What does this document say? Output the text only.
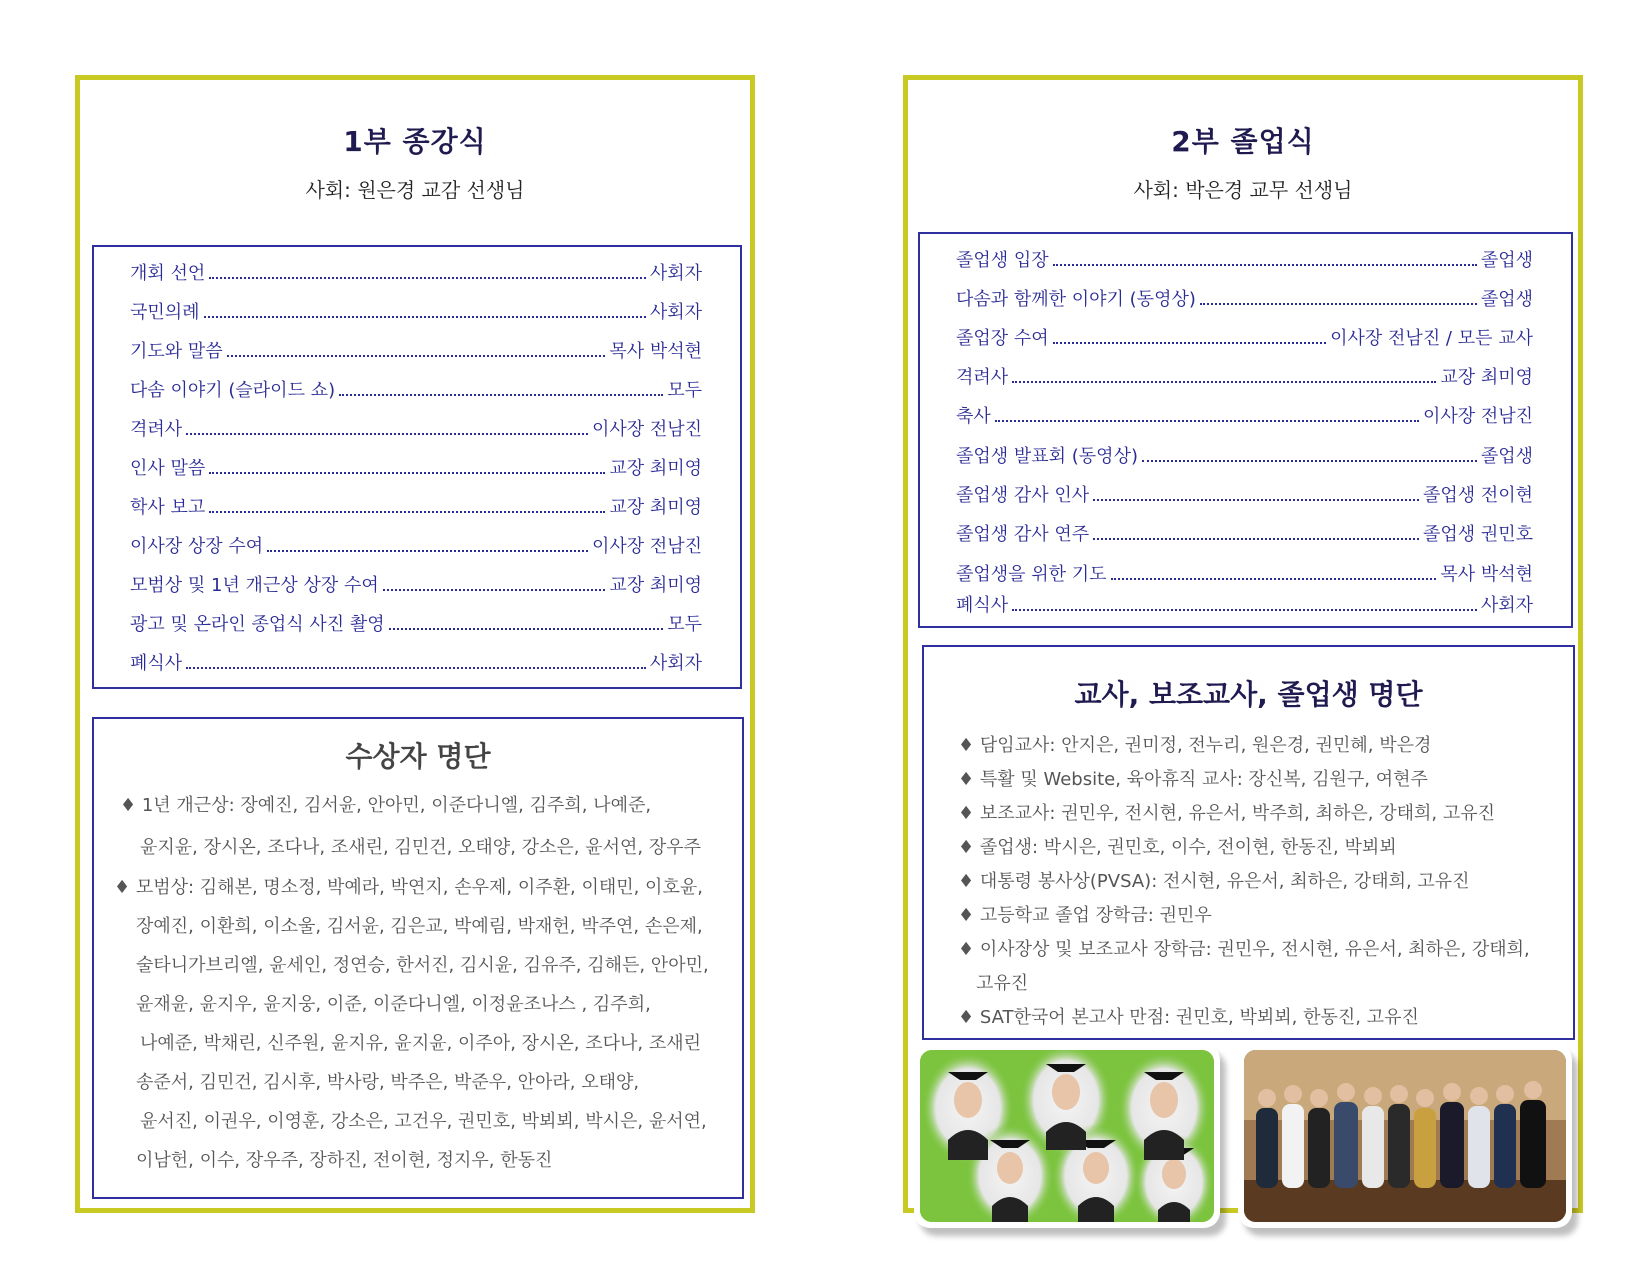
1부 종강식
사회: 원은경 교감 선생님
개회 선언	사회자
국민의례	사회자
기도와 말씀	목사 박석현
다솜 이야기 (슬라이드 쇼)	모두
격려사	이사장 전남진
인사 말씀	교장 최미영
학사 보고	교장 최미영
이사장 상장 수여	이사장 전남진
모범상 및 1년 개근상 상장 수여	교장 최미영
광고 및 온라인 종업식 사진 촬영	모두
폐식사	사회자
수상자 명단
♦ 1년 개근상: 장예진, 김서윤, 안아민, 이준다니엘, 김주희, 나예준,
윤지윤, 장시온, 조다나, 조새린, 김민건, 오태양, 강소은, 윤서연, 장우주
♦ 모범상: 김해본, 명소정, 박예라, 박연지, 손우제, 이주환, 이태민, 이호윤,
장예진, 이환희, 이소울, 김서윤, 김은교, 박예림, 박재헌, 박주연, 손은제,
술타니가브리엘, 윤세인, 정연승, 한서진, 김시윤, 김유주, 김해든, 안아민,
윤재윤, 윤지우, 윤지웅, 이준, 이준다니엘, 이정윤조나스 , 김주희,
나예준, 박채린, 신주원, 윤지유, 윤지윤, 이주아, 장시온, 조다나, 조새린
송준서, 김민건, 김시후, 박사랑, 박주은, 박준우, 안아라, 오태양,
윤서진, 이권우, 이영훈, 강소은, 고건우, 권민호, 박뵈뵈, 박시은, 윤서연,
이남헌, 이수, 장우주, 장하진, 전이현, 정지우, 한동진
2부 졸업식
사회: 박은경 교무 선생님
졸업생 입장	졸업생
다솜과 함께한 이야기 (동영상)	졸업생
졸업장 수여	이사장 전남진 / 모든 교사
격려사	교장 최미영
축사	이사장 전남진
졸업생 발표회 (동영상)	졸업생
졸업생 감사 인사	졸업생 전이현
졸업생 감사 연주	졸업생 권민호
졸업생을 위한 기도	목사 박석현
폐식사	사회자
교사, 보조교사, 졸업생 명단
♦ 담임교사: 안지은, 권미정, 전누리, 원은경, 권민혜, 박은경
♦ 특활 및 Website, 육아휴직 교사: 장신복, 김원구, 여현주
♦ 보조교사: 권민우, 전시현, 유은서, 박주희, 최하은, 강태희, 고유진
♦ 졸업생: 박시은, 권민호, 이수, 전이현, 한동진, 박뵈뵈
♦ 대통령 봉사상(PVSA): 전시현, 유은서, 최하은, 강태희, 고유진
♦ 고등학교 졸업 장학금: 권민우
♦ 이사장상 및 보조교사 장학금: 권민우, 전시현, 유은서, 최하은, 강태희,
고유진
♦ SAT한국어 본고사 만점: 권민호, 박뵈뵈, 한동진, 고유진
